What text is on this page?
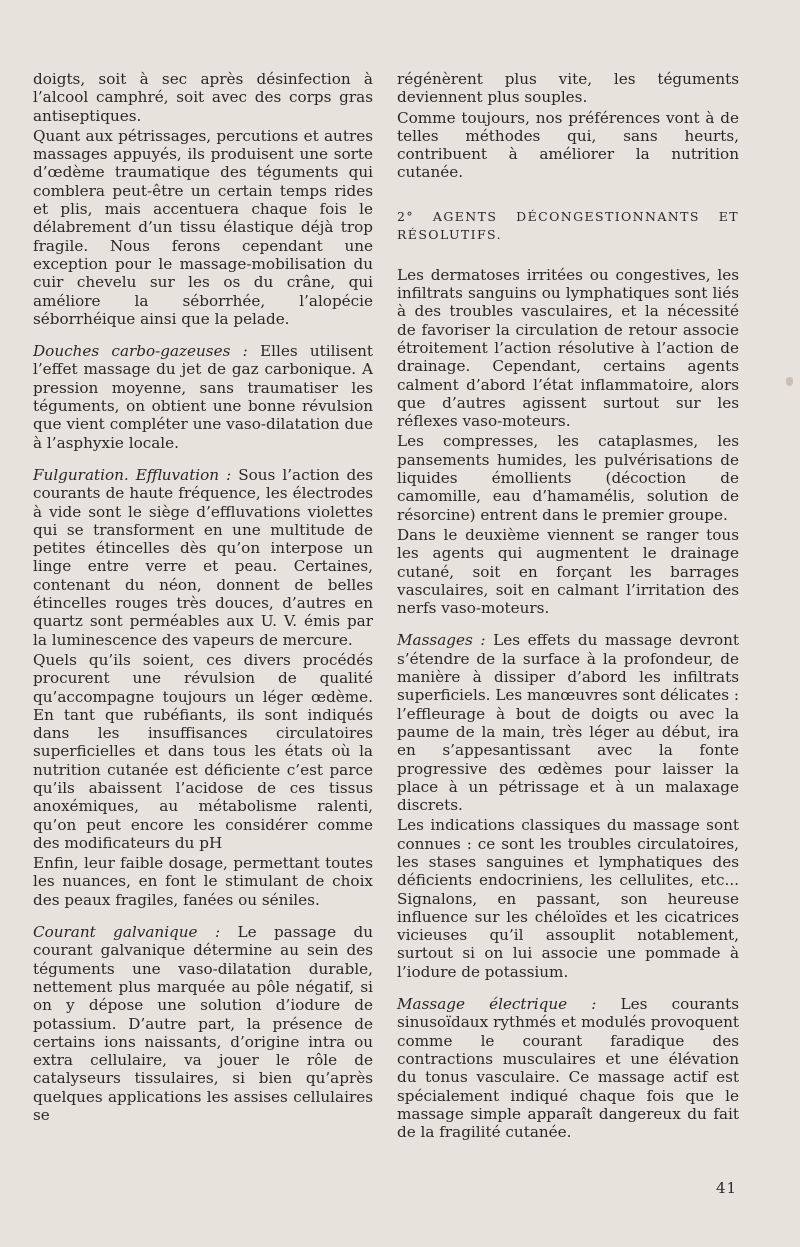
doigts, soit à sec après désinfection à l’alcool camphré, soit avec des corps gras antiseptiques.

Quant aux pétrissages, percutions et autres massages appuyés, ils produisent une sorte d’œdème traumatique des téguments qui comblera peut-être un certain temps rides et plis, mais accentuera chaque fois le délabrement d’un tissu élastique déjà trop fragile. Nous ferons cependant une exception pour le massage-mobilisation du cuir chevelu sur les os du crâne, qui améliore la séborrhée, l’alopécie séborrhéique ainsi que la pelade.

Douches carbo-gazeuses : Elles utilisent l’effet massage du jet de gaz carbonique. A pression moyenne, sans traumatiser les téguments, on obtient une bonne révulsion que vient compléter une vaso-dilatation due à l’asphyxie locale.

Fulguration. Effluvation : Sous l’action des courants de haute fréquence, les électrodes à vide sont le siège d’effluvations violettes qui se transforment en une multitude de petites étincelles dès qu’on interpose un linge entre verre et peau. Certaines, contenant du néon, donnent de belles étincelles rouges très douces, d’autres en quartz sont perméables aux U. V. émis par la luminescence des vapeurs de mercure.

Quels qu’ils soient, ces divers procédés procurent une révulsion de qualité qu’accompagne toujours un léger œdème. En tant que rubéfiants, ils sont indiqués dans les insuffisances circulatoires superficielles et dans tous les états où la nutrition cutanée est déficiente c’est parce qu’ils abaissent l’acidose de ces tissus anoxémiques, au métabolisme ralenti, qu’on peut encore les considérer comme des modificateurs du pH

Enfin, leur faible dosage, permettant toutes les nuances, en font le stimulant de choix des peaux fragiles, fanées ou séniles.

Courant galvanique : Le passage du courant galvanique détermine au sein des téguments une vaso-dilatation durable, nettement plus marquée au pôle négatif, si on y dépose une solution d’iodure de potassium. D’autre part, la présence de certains ions naissants, d’origine intra ou extra cellulaire, va jouer le rôle de catalyseurs tissulaires, si bien qu’après quelques applications les assises cellulaires se

régénèrent plus vite, les téguments deviennent plus souples.

Comme toujours, nos préférences vont à de telles méthodes qui, sans heurts, contribuent à améliorer la nutrition cutanée.

2° AGENTS DÉCONGESTIONNANTS ET RÉSOLUTIFS.

Les dermatoses irritées ou congestives, les infiltrats sanguins ou lymphatiques sont liés à des troubles vasculaires, et la nécessité de favoriser la circulation de retour associe étroitement l’action résolutive à l’action de drainage. Cependant, certains agents calment d’abord l’état inflammatoire, alors que d’autres agissent surtout sur les réflexes vaso-moteurs.

Les compresses, les cataplasmes, les pansements humides, les pulvérisations de liquides émollients (décoction de camomille, eau d’hamamélis, solution de résorcine) entrent dans le premier groupe.

Dans le deuxième viennent se ranger tous les agents qui augmentent le drainage cutané, soit en forçant les barrages vasculaires, soit en calmant l’irritation des nerfs vaso-moteurs.

Massages : Les effets du massage devront s’étendre de la surface à la profondeur, de manière à dissiper d’abord les infiltrats superficiels. Les manœuvres sont délicates : l’effleurage à bout de doigts ou avec la paume de la main, très léger au début, ira en s’appesantissant avec la fonte progressive des œdèmes pour laisser la place à un pétrissage et à un malaxage discrets.

Les indications classiques du massage sont connues : ce sont les troubles circulatoires, les stases sanguines et lymphatiques des déficients endocriniens, les cellulites, etc... Signalons, en passant, son heureuse influence sur les chéloïdes et les cicatrices vicieuses qu’il assouplit notablement, surtout si on lui associe une pommade à l’iodure de potassium.

Massage électrique : Les courants sinusoïdaux rythmés et modulés provoquent comme le courant faradique des contractions musculaires et une élévation du tonus vasculaire. Ce massage actif est spécialement indiqué chaque fois que le massage simple apparaît dangereux du fait de la fragilité cutanée.

41
